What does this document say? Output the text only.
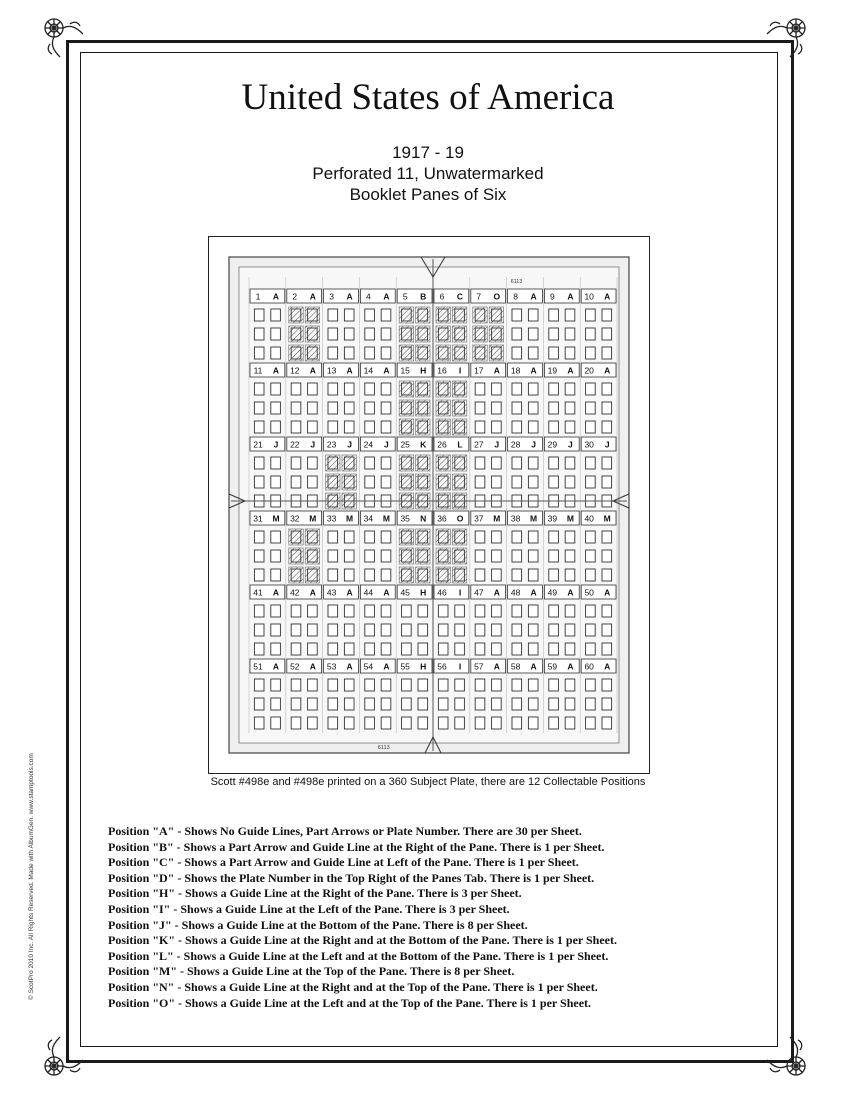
United States of America
1917 - 19
Perforated 11, Unwatermarked
Booklet Panes of Six
1 A 2 A 3 A 4 A 5 B 6 C 7 O 8 A 9 A 10 A
11 A 12 A 13 A 14 A 15 H 16 I 17 A 18 A 19 A 20 A
21 J 22 J 23 J 24 J 25 K 26 L 27 J 28 J 29 J 30 J
31 M 32 M 33 M 34 M 35 N 36 O 37 M 38 M 39 M 40 M
41 A 42 A 43 A 44 A 45 H 46 I 47 A 48 A 49 A 50 A
51 A 52 A 53 A 54 A 55 H 56 I 57 A 58 A 59 A 60 A
6113
6113
Scott #498e and #498e printed on a 360 Subject Plate, there are 12 Collectable Positions
Position "A" - Shows No Guide Lines, Part Arrows or Plate Number. There are 30 per Sheet.
Position "B" - Shows a Part Arrow and Guide Line at the Right of the Pane. There is 1 per Sheet.
Position "C" - Shows a Part Arrow and Guide Line at Left of the Pane. There is 1 per Sheet.
Position "D" - Shows the Plate Number in the Top Right of the Panes Tab. There is 1 per Sheet.
Position "H" - Shows a Guide Line at the Right of the Pane. There is 3 per Sheet.
Position "I" - Shows a Guide Line at the Left of the Pane. There is 3 per Sheet.
Position "J" - Shows a Guide Line at the Bottom of the Pane. There is 8 per Sheet.
Position "K" - Shows a Guide Line at the Right and at the Bottom of the Pane. There is 1 per Sheet.
Position "L" - Shows a Guide Line at the Left and at the Bottom of the Pane. There is 1 per Sheet.
Position "M" - Shows a Guide Line at the Top of the Pane. There is 8 per Sheet.
Position "N" - Shows a Guide Line at the Right and at the Top of the Pane. There is 1 per Sheet.
Position "O" - Shows a Guide Line at the Left and at the Top of the Pane. There is 1 per Sheet.
© ScotPro 2010 Inc. All Rights Reserved. Made with AlbumGen. www.stamptools.com
